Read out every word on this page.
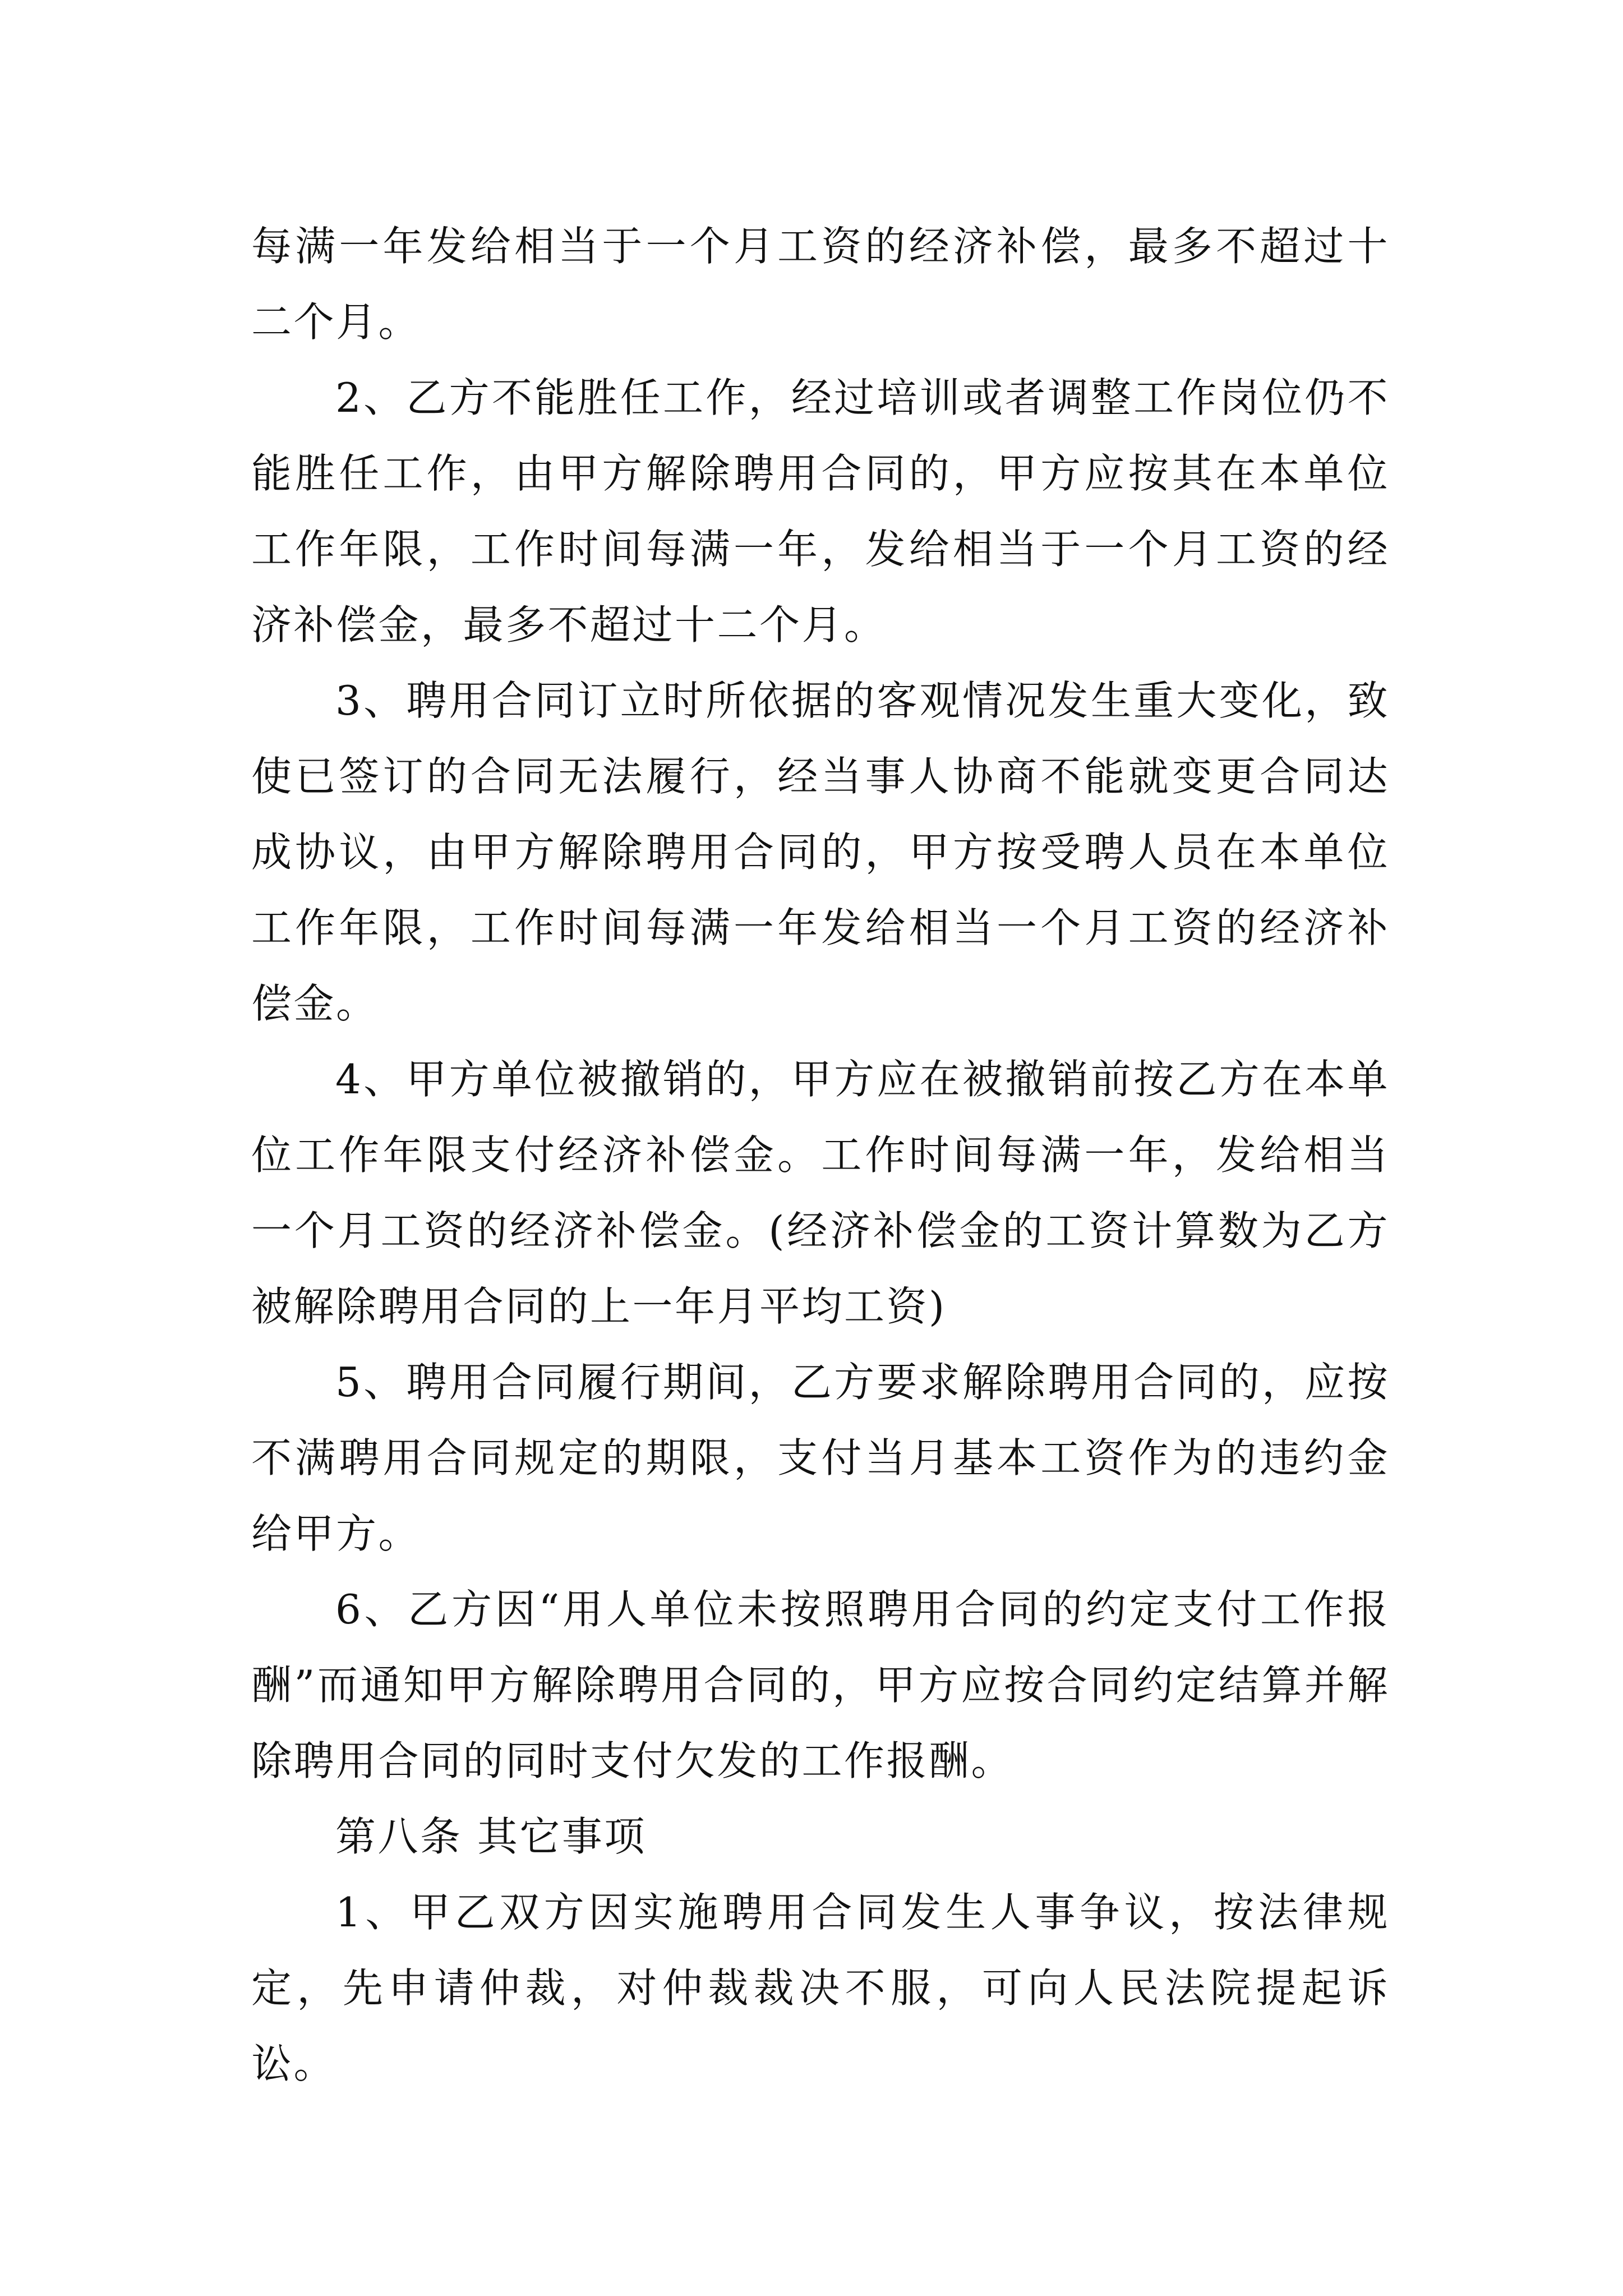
每满一年发给相当于一个月工资的经济补偿，最多不超过十二个月。

2、乙方不能胜任工作，经过培训或者调整工作岗位仍不能胜任工作，由甲方解除聘用合同的，甲方应按其在本单位工作年限，工作时间每满一年，发给相当于一个月工资的经济补偿金，最多不超过十二个月。

3、聘用合同订立时所依据的客观情况发生重大变化，致使已签订的合同无法履行，经当事人协商不能就变更合同达成协议，由甲方解除聘用合同的，甲方按受聘人员在本单位工作年限，工作时间每满一年发给相当一个月工资的经济补偿金。

4、甲方单位被撤销的，甲方应在被撤销前按乙方在本单位工作年限支付经济补偿金。工作时间每满一年，发给相当一个月工资的经济补偿金。(经济补偿金的工资计算数为乙方被解除聘用合同的上一年月平均工资)

5、聘用合同履行期间，乙方要求解除聘用合同的，应按不满聘用合同规定的期限，支付当月基本工资作为的违约金给甲方。

6、乙方因“用人单位未按照聘用合同的约定支付工作报酬”而通知甲方解除聘用合同的，甲方应按合同约定结算并解除聘用合同的同时支付欠发的工作报酬。

第八条 其它事项

1、甲乙双方因实施聘用合同发生人事争议，按法律规定，先申请仲裁，对仲裁裁决不服，可向人民法院提起诉讼。
